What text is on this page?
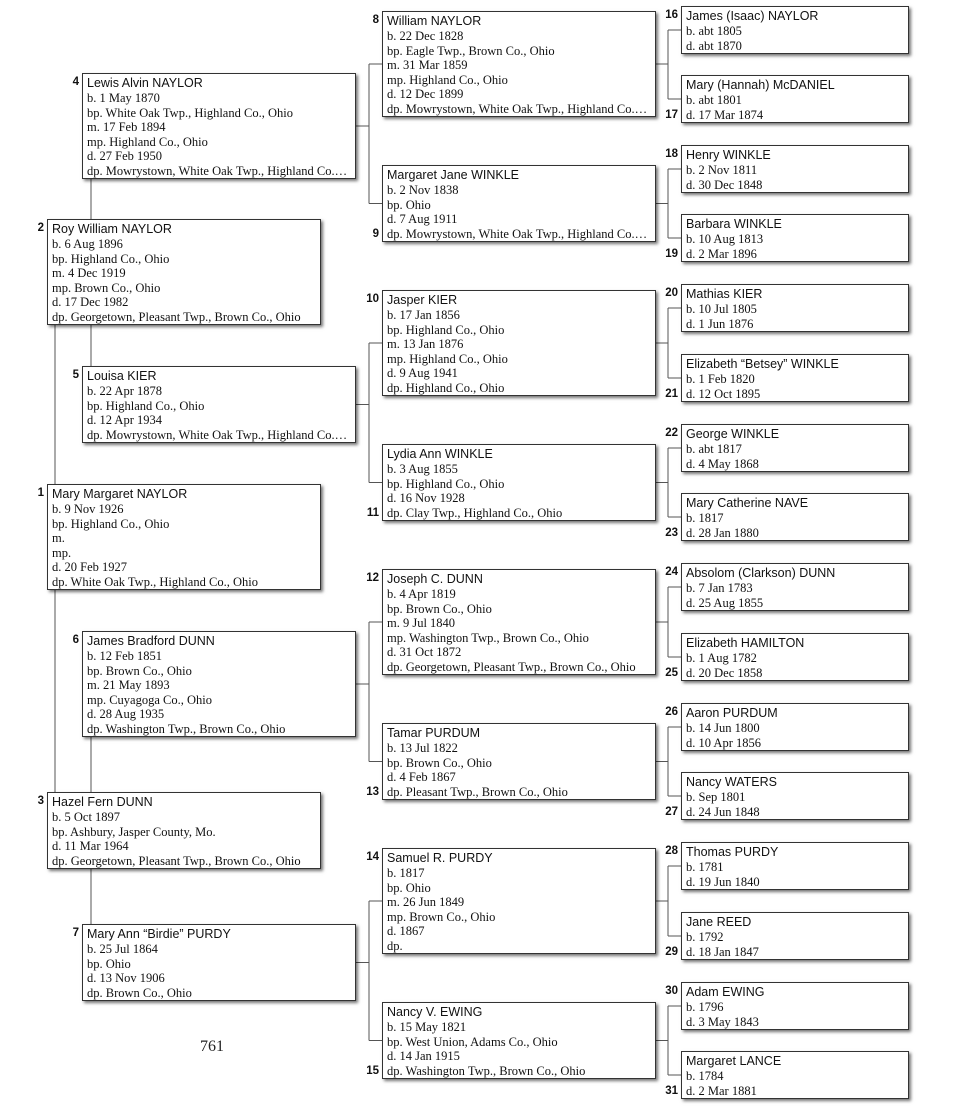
Mary Margaret NAYLOR
b. 9 Nov 1926
bp. Highland Co., Ohio
m.
mp.
d. 20 Feb 1927
dp. White Oak Twp., Highland Co., Ohio
1
Roy William NAYLOR
b. 6 Aug 1896
bp. Highland Co., Ohio
m. 4 Dec 1919
mp. Brown Co., Ohio
d. 17 Dec 1982
dp. Georgetown, Pleasant Twp., Brown Co., Ohio
2
Hazel Fern DUNN
b. 5 Oct 1897
bp. Ashbury, Jasper County, Mo.
d. 11 Mar 1964
dp. Georgetown, Pleasant Twp., Brown Co., Ohio
3
Lewis Alvin NAYLOR
b. 1 May 1870
bp. White Oak Twp., Highland Co., Ohio
m. 17 Feb 1894
mp. Highland Co., Ohio
d. 27 Feb 1950
dp. Mowrystown, White Oak Twp., Highland Co.…
4
Louisa KIER
b. 22 Apr 1878
bp. Highland Co., Ohio
d. 12 Apr 1934
dp. Mowrystown, White Oak Twp., Highland Co.…
5
James Bradford DUNN
b. 12 Feb 1851
bp. Brown Co., Ohio
m. 21 May 1893
mp. Cuyagoga Co., Ohio
d. 28 Aug 1935
dp. Washington Twp., Brown Co., Ohio
6
Mary Ann “Birdie” PURDY
b. 25 Jul 1864
bp. Ohio
d. 13 Nov 1906
dp. Brown Co., Ohio
7
William NAYLOR
b. 22 Dec 1828
bp. Eagle Twp., Brown Co., Ohio
m. 31 Mar 1859
mp. Highland Co., Ohio
d. 12 Dec 1899
dp. Mowrystown, White Oak Twp., Highland Co.…
8
Margaret Jane WINKLE
b. 2 Nov 1838
bp. Ohio
d. 7 Aug 1911
dp. Mowrystown, White Oak Twp., Highland Co.…
9
Jasper KIER
b. 17 Jan 1856
bp. Highland Co., Ohio
m. 13 Jan 1876
mp. Highland Co., Ohio
d. 9 Aug 1941
dp. Highland Co., Ohio
10
Lydia Ann WINKLE
b. 3 Aug 1855
bp. Highland Co., Ohio
d. 16 Nov 1928
dp. Clay Twp., Highland Co., Ohio
11
Joseph C. DUNN
b. 4 Apr 1819
bp. Brown Co., Ohio
m. 9 Jul 1840
mp. Washington Twp., Brown Co., Ohio
d. 31 Oct 1872
dp. Georgetown, Pleasant Twp., Brown Co., Ohio
12
Tamar PURDUM
b. 13 Jul 1822
bp. Brown Co., Ohio
d. 4 Feb 1867
dp. Pleasant Twp., Brown Co., Ohio
13
Samuel R. PURDY
b. 1817
bp. Ohio
m. 26 Jun 1849
mp. Brown Co., Ohio
d. 1867
dp.
14
Nancy V. EWING
b. 15 May 1821
bp. West Union, Adams Co., Ohio
d. 14 Jan 1915
dp. Washington Twp., Brown Co., Ohio
15
James (Isaac) NAYLOR
b. abt 1805
d. abt 1870
16
Mary (Hannah) McDANIEL
b. abt 1801
d. 17 Mar 1874
17
Henry WINKLE
b. 2 Nov 1811
d. 30 Dec 1848
18
Barbara WINKLE
b. 10 Aug 1813
d. 2 Mar 1896
19
Mathias KIER
b. 10 Jul 1805
d. 1 Jun 1876
20
Elizabeth “Betsey” WINKLE
b. 1 Feb 1820
d. 12 Oct 1895
21
George WINKLE
b. abt 1817
d. 4 May 1868
22
Mary Catherine NAVE
b. 1817
d. 28 Jan 1880
23
Absolom (Clarkson) DUNN
b. 7 Jan 1783
d. 25 Aug 1855
24
Elizabeth HAMILTON
b. 1 Aug 1782
d. 20 Dec 1858
25
Aaron PURDUM
b. 14 Jun 1800
d. 10 Apr 1856
26
Nancy WATERS
b. Sep 1801
d. 24 Jun 1848
27
Thomas PURDY
b. 1781
d. 19 Jun 1840
28
Jane REED
b. 1792
d. 18 Jan 1847
29
Adam EWING
b. 1796
d. 3 May 1843
30
Margaret LANCE
b. 1784
d. 2 Mar 1881
31
761
